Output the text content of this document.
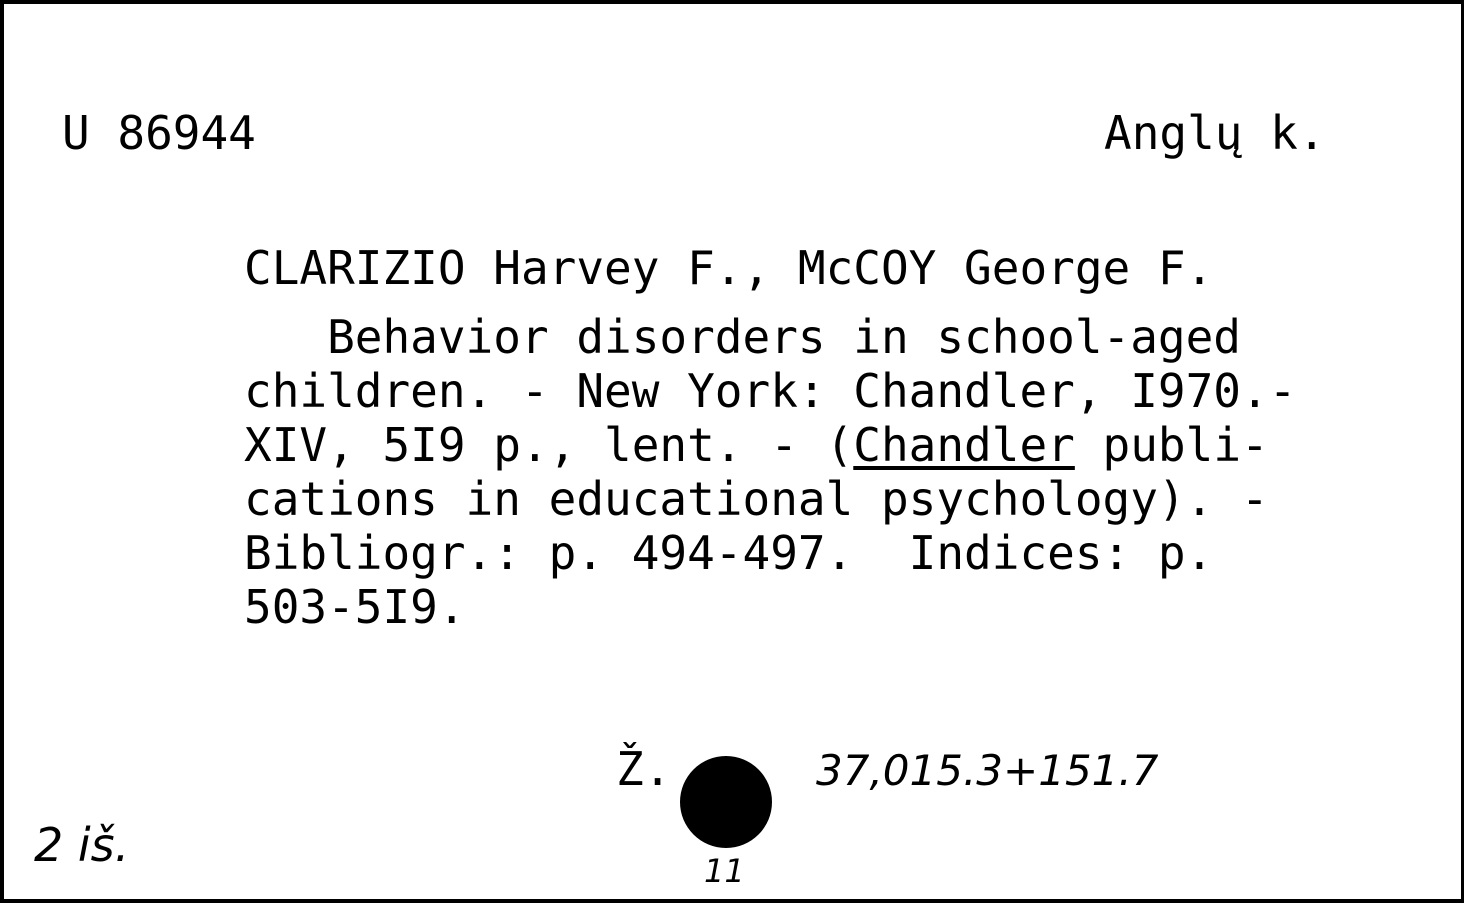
U 86944	Anglų k.
CLARIZIO Harvey F., McCOY George F.
Behavior disorders in school-aged
children. - New York: Chandler, I970.-
XIV, 5I9 p., lent. - (Chandler publi-
cations in educational psychology). -
Bibliogr.: p. 494-497.  Indices: p.
503-5I9.
Ž.	37,015.3+151.7
2 iš.	11
